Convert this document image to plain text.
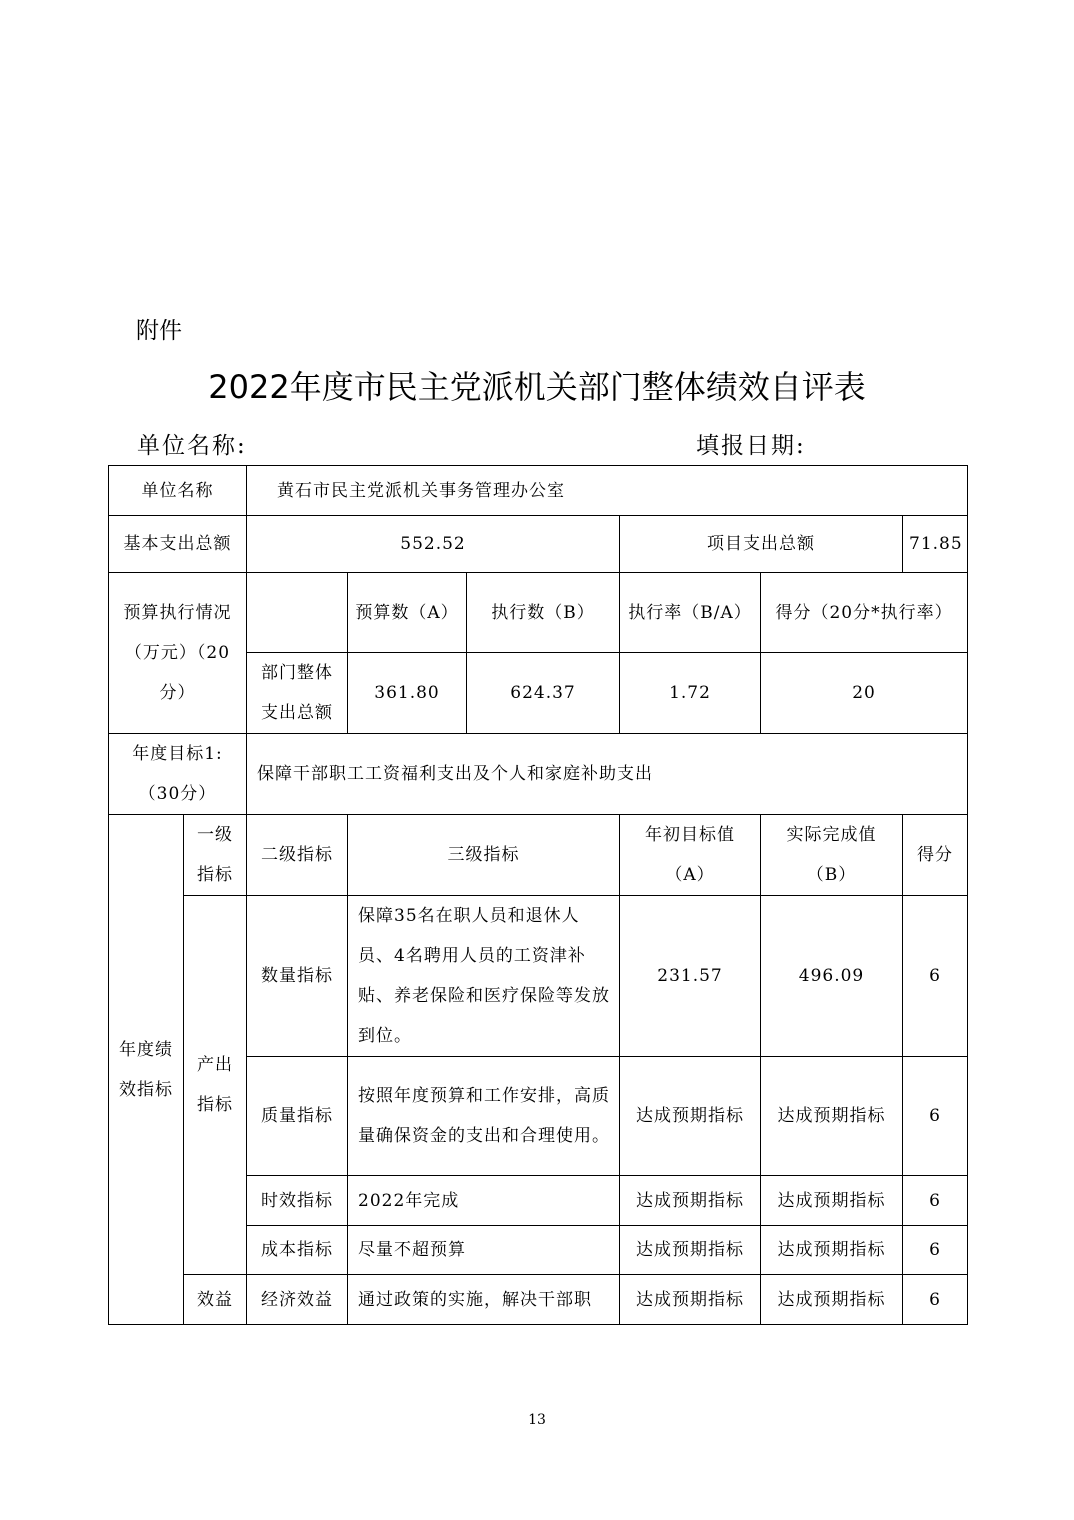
附件
2022年度市民主党派机关部门整体绩效自评表
单位名称:	填报日期:
单位名称		黄石市民主党派机关事务管理办公室					
基本支出总额		552.52			项目支出总额		71.85
预算执行情况（万元）（20分）			预算数（A）	执行数（B）	执行率（B/A）	得分（20分*执行率）	
		部门整体支出总额	361.80	624.37	1.72	20	
年度目标1:（30分）		保障干部职工工资福利支出及个人和家庭补助支出					
年度绩效指标	一级指标	二级指标	三级指标		年初目标值（A）	实际完成值（B）	得分
	产出指标	数量指标	保障35名在职人员和退休人员、4名聘用人员的工资津补贴、养老保险和医疗保险等发放到位。		231.57	496.09	6
		质量指标	按照年度预算和工作安排，高质量确保资金的支出和合理使用。		达成预期指标	达成预期指标	6
		时效指标	2022年完成		达成预期指标	达成预期指标	6
		成本指标	尽量不超预算		达成预期指标	达成预期指标	6
	效益	经济效益	通过政策的实施，解决干部职		达成预期指标	达成预期指标	6
13
